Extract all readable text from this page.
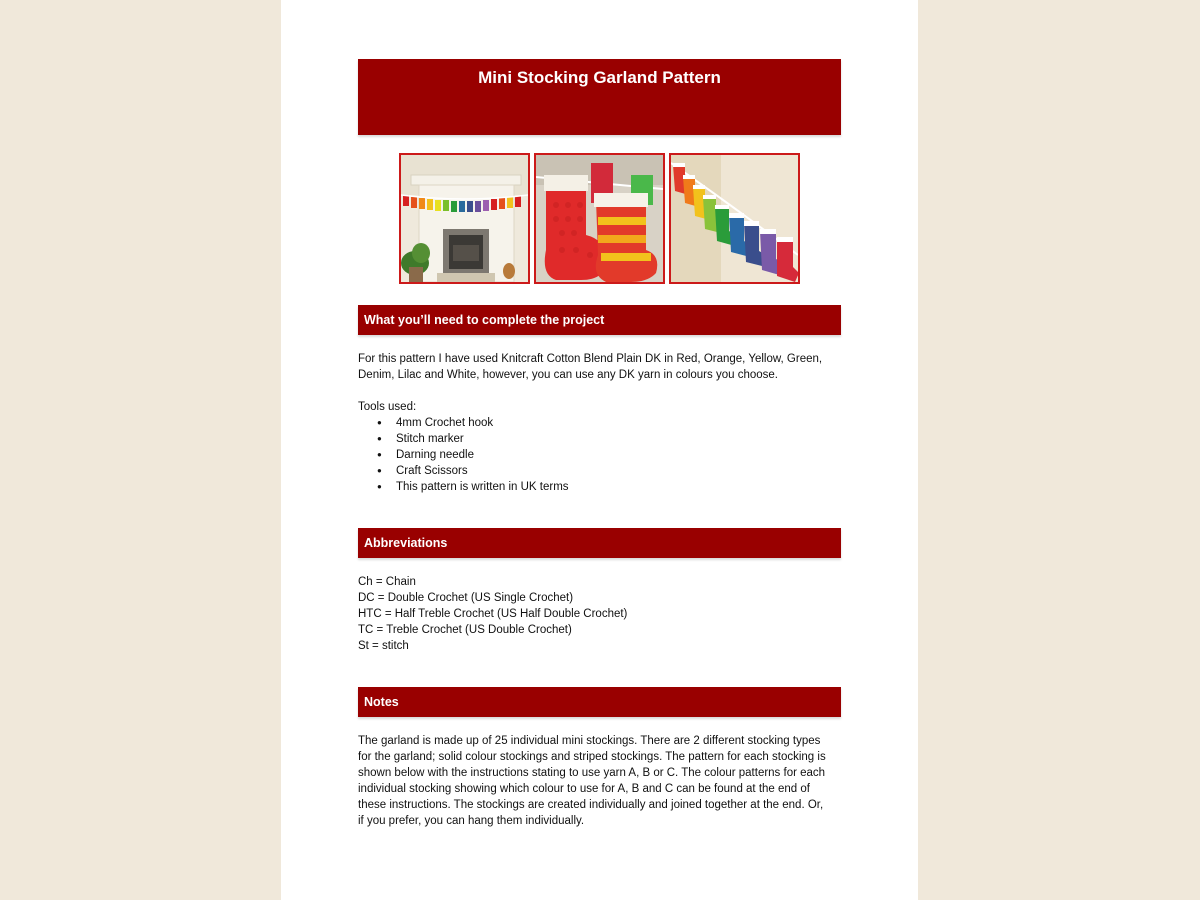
Mini Stocking Garland Pattern
What you’ll need to complete the project

For this pattern I have used Knitcraft Cotton Blend Plain DK in Red, Orange, Yellow, Green,
Denim, Lilac and White, however, you can use any DK yarn in colours you choose.

Tools used:

● 4mm Crochet hook
● Stitch marker
● Darning needle
● Craft Scissors
● This pattern is written in UK terms
Abbreviations

Ch = Chain
DC = Double Crochet (US Single Crochet)
HTC = Half Treble Crochet (US Half Double Crochet)
TC = Treble Crochet (US Double Crochet)
St = stitch

Notes

The garland is made up of 25 individual mini stockings. There are 2 different stocking types
for the garland; solid colour stockings and striped stockings. The pattern for each stocking is
shown below with the instructions stating to use yarn A, B or C. The colour patterns for each
individual stocking showing which colour to use for A, B and C can be found at the end of
these instructions. The stockings are created individually and joined together at the end. Or,
if you prefer, you can hang them individually.
